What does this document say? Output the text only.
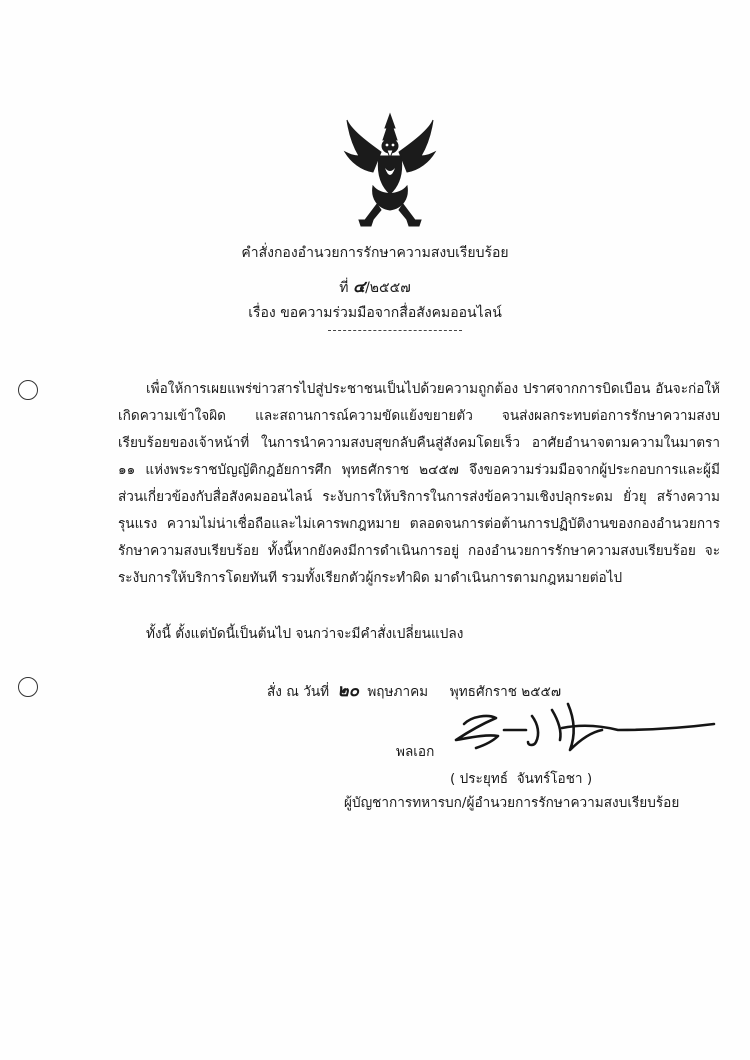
คำสั่งกองอำนวยการรักษาความสงบเรียบร้อย
ที่ ๔/๒๕๕๗
เรื่อง ขอความร่วมมือจากสื่อสังคมออนไลน์
เพื่อให้การเผยแพร่ข่าวสารไปสู่ประชาชนเป็นไปด้วยความถูกต้อง ปราศจากการบิดเบือน อันจะก่อให้เกิดความเข้าใจผิด และสถานการณ์ความขัดแย้งขยายตัว จนส่งผลกระทบต่อการรักษาความสงบเรียบร้อยของเจ้าหน้าที่ ในการนำความสงบสุขกลับคืนสู่สังคมโดยเร็ว อาศัยอำนาจตามความในมาตรา ๑๑ แห่งพระราชบัญญัติกฎอัยการศึก พุทธศักราช ๒๔๕๗ จึงขอความร่วมมือจากผู้ประกอบการและผู้มีส่วนเกี่ยวข้องกับสื่อสังคมออนไลน์ ระงับการให้บริการในการส่งข้อความเชิงปลุกระดม ยั่วยุ สร้างความรุนแรง ความไม่น่าเชื่อถือและไม่เคารพกฎหมาย ตลอดจนการต่อต้านการปฏิบัติงานของกองอำนวยการรักษาความสงบเรียบร้อย ทั้งนี้หากยังคงมีการดำเนินการอยู่ กองอำนวยการรักษาความสงบเรียบร้อย จะระงับการให้บริการโดยทันที รวมทั้งเรียกตัวผู้กระทำผิด มาดำเนินการตามกฎหมายต่อไป
ทั้งนี้ ตั้งแต่บัดนี้เป็นต้นไป จนกว่าจะมีคำสั่งเปลี่ยนแปลง
สั่ง ณ วันที่ ๒๐ พฤษภาคม พุทธศักราช ๒๕๕๗
พลเอก
( ประยุทธ์  จันทร์โอชา )
ผู้บัญชาการทหารบก/ผู้อำนวยการรักษาความสงบเรียบร้อย
